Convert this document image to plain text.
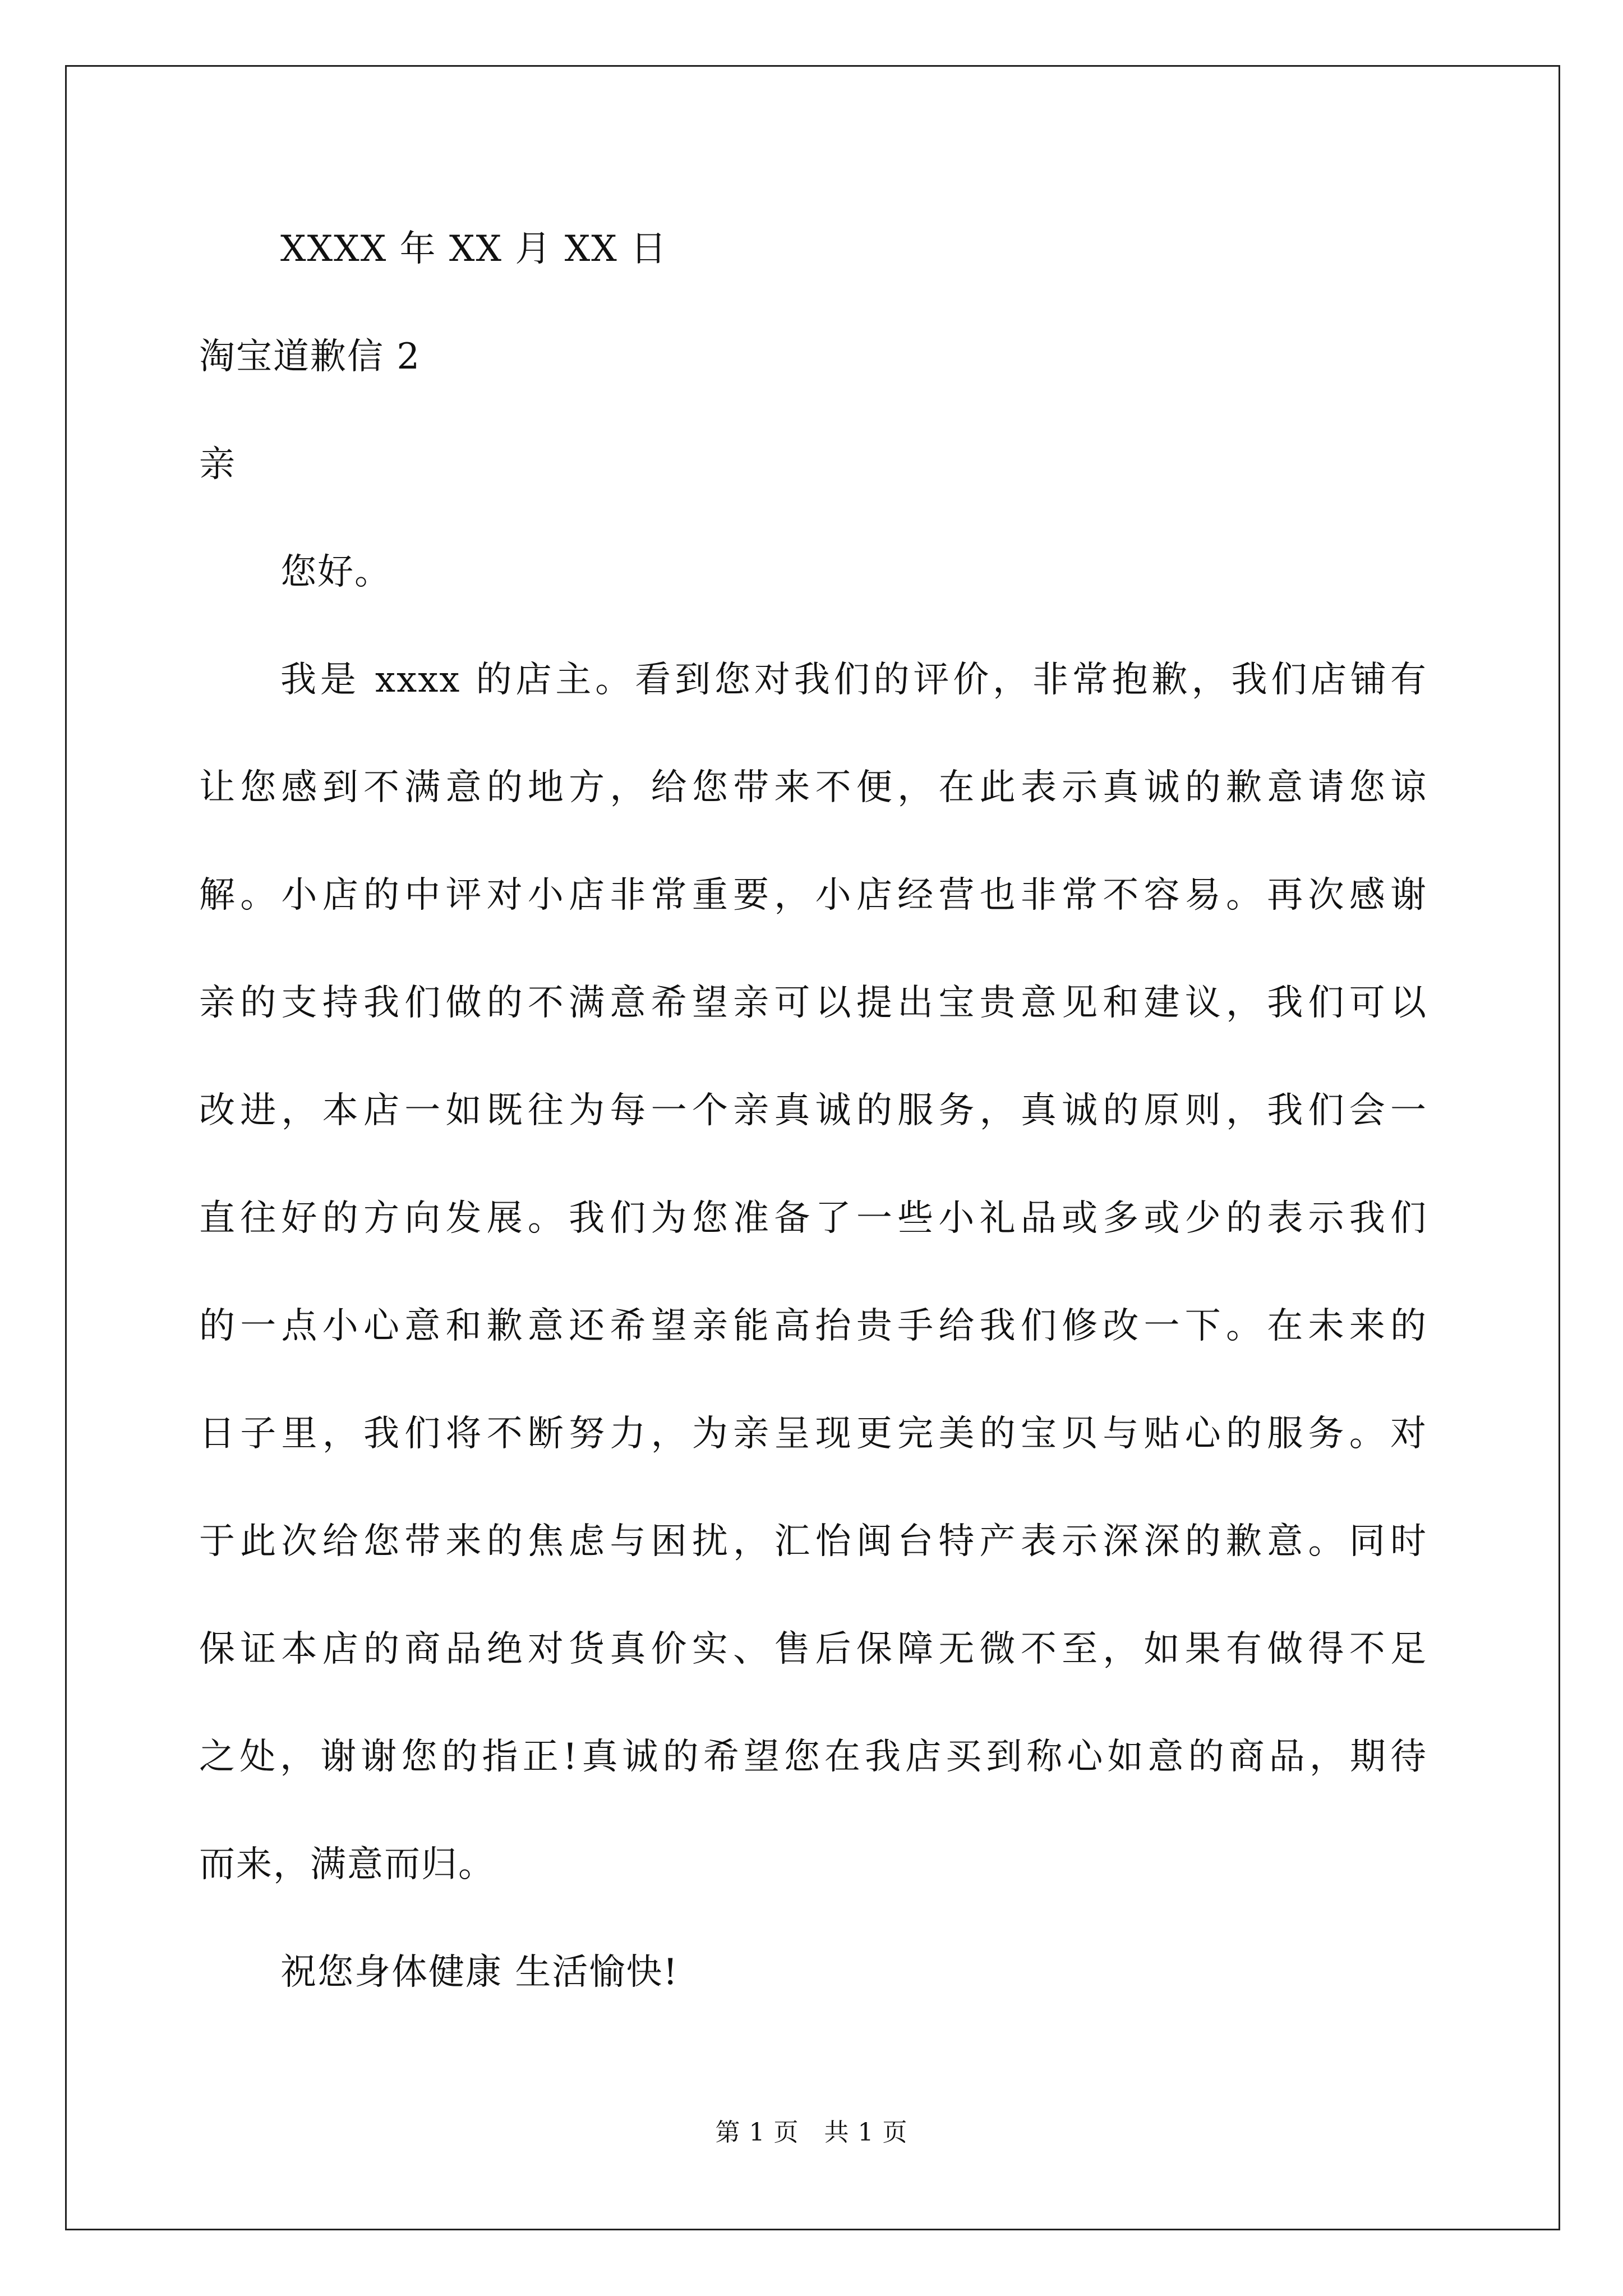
XXXX 年 XX 月 XX 日
淘宝道歉信 2
亲
您好。
我是 xxxx 的店主。看到您对我们的评价，非常抱歉，我们店铺有
让您感到不满意的地方，给您带来不便，在此表示真诚的歉意请您谅
解。小店的中评对小店非常重要，小店经营也非常不容易。再次感谢
亲的支持我们做的不满意希望亲可以提出宝贵意见和建议，我们可以
改进，本店一如既往为每一个亲真诚的服务，真诚的原则，我们会一
直往好的方向发展。我们为您准备了一些小礼品或多或少的表示我们
的一点小心意和歉意还希望亲能高抬贵手给我们修改一下。在未来的
日子里，我们将不断努力，为亲呈现更完美的宝贝与贴心的服务。对
于此次给您带来的焦虑与困扰，汇怡闽台特产表示深深的歉意。同时
保证本店的商品绝对货真价实、售后保障无微不至，如果有做得不足
之处，谢谢您的指正!真诚的希望您在我店买到称心如意的商品，期待
而来，满意而归。
祝您身体健康 生活愉快!
第 1 页　共 1 页
